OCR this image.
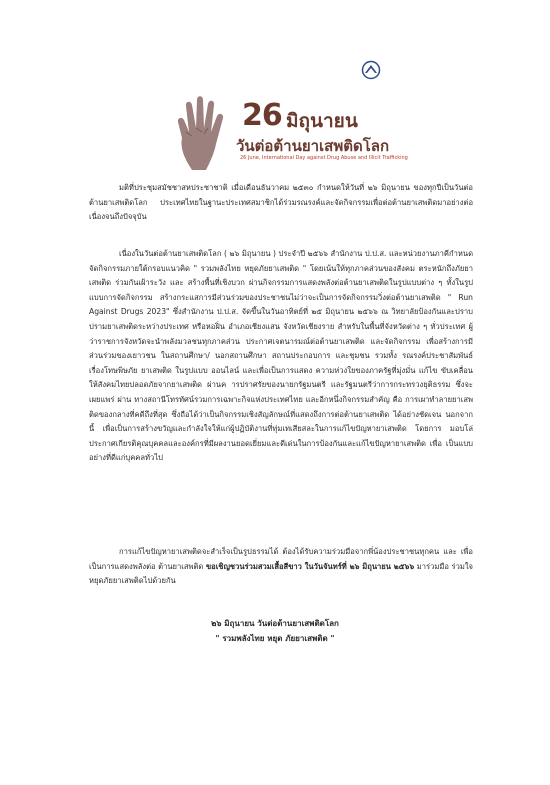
26 มิถุนายน
วันต่อต้านยาเสพติดโลก
26 June, International Day against Drug Abuse and Illicit Trafficking

มติที่ประชุมสมัชชาสหประชาชาติ เมื่อเดือนธันวาคม ๒๕๓๐ กำหนดให้วันที่ ๒๖ มิถุนายน ของทุกปีเป็นวันต่อต้านยาเสพติดโลก ประเทศไทยในฐานะประเทศสมาชิกได้ร่วมรณรงค์และจัดกิจกรรมเพื่อต่อต้านยาเสพติดมาอย่างต่อเนื่องจนถึงปัจจุบัน

เนื่องในวันต่อต้านยาเสพติดโลก ( ๒๖ มิถุนายน ) ประจำปี ๒๕๖๖ สำนักงาน ป.ป.ส. และหน่วยงานภาคีกำหนดจัดกิจกรรมภายใต้กรอบแนวคิด " รวมพลังไทย หยุดภัยยาเสพติด " โดยเน้นให้ทุกภาคส่วนของสังคม ตระหนักถึงภัยยาเสพติด ร่วมกันเฝ้าระวัง และ สร้างพื้นที่เชิงบวก ผ่านกิจกรรมการแสดงพลังต่อต้านยาเสพติดในรูปแบบต่าง ๆ ทั้งในรูปแบบการจัดกิจกรรม สร้างกระแสการมีส่วนร่วมของประชาชนไม่ว่าจะเป็นการจัดกิจกรรมวิ่งต่อต้านยาเสพติด " Run Against Drugs 2023" ซึ่งสำนักงาน ป.ป.ส. จัดขึ้นในวันอาทิตย์ที่ ๒๕ มิถุนายน ๒๕๖๖ ณ วิทยาลัยป้องกันและปราบปรามยาเสพติดระหว่างประเทศ หรือหอฝิ่น อำเภอเชียงแสน จังหวัดเชียงราย สำหรับในพื้นที่จังหวัดต่าง ๆ ทั่วประเทศ ผู้ว่าราชการจังหวัดจะนำพลังมวลชนทุกภาคส่วน ประกาศเจตนารมณ์ต่อต้านยาเสพติด และจัดกิจกรรม เพื่อสร้างการมีส่วนร่วมของเยาวชน ในสถานศึกษา/ นอกสถานศึกษา สถานประกอบการ และชุมชน รวมทั้ง รณรงค์ประชาสัมพันธ์ เรื่องโทษพิษภัย ยาเสพติด ในรูปแบบ ออนไลน์ และเพื่อเป็นการแสดง ความห่วงใยของภาครัฐที่มุ่งมั่น แก้ไข ขับเคลื่อนให้สังคมไทยปลอดภัยจากยาเสพติด ผ่านค ารปราศรัยของนายกรัฐมนตรี และรัฐมนตรีว่าการกระทรวงยุติธรรม ซึ่งจะเผยแพร่ ผ่าน ทางสถานีโทรทัศน์รวมการเฉพาะกิจแห่งประเทศไทย และอีกหนึ่งกิจกรรมสำคัญ คือ การเผาทำลายยาเสพติดของกลางที่คดีถึงที่สุด ซึ่งถือได้ว่าเป็นกิจกรรมเชิงสัญลักษณ์ที่แสดงถึงการต่อต้านยาเสพติด ได้อย่างชัดเจน นอกจากนี้ เพื่อเป็นการสร้างขวัญและกำลังใจให้แก่ผู้ปฏิบัติงานที่ทุ่มเทเสียสละในการแก้ไขปัญหายาเสพติด โดยการ มอบโล่ประกาศเกียรติคุณบุคคลและองค์กรที่มีผลงานยอดเยี่ยมและดีเด่นในการป้องกันและแก้ไขปัญหายาเสพติด เพื่อ เป็นแบบอย่างที่ดีแก่บุคคลทั่วไป

การแก้ไขปัญหายาเสพติดจะสำเร็จเป็นรูปธรรมได้ ต้องได้รับความร่วมมือจากพี่น้องประชาชนทุกคน และ เพื่อเป็นการแสดงพลังต่อ ต้านยาเสพติด ขอเชิญชวนร่วมสวมเสื้อสีขาว ในวันจันทร์ที่ ๒๖ มิถุนายน ๒๕๖๖ มาร่วมมือ ร่วมใจ หยุดภัยยาเสพติดไปด้วยกัน

๒๖ มิถุนายน วันต่อต้านยาเสพติดโลก
" รวมพลังไทย หยุด ภัยยาเสพติด "
